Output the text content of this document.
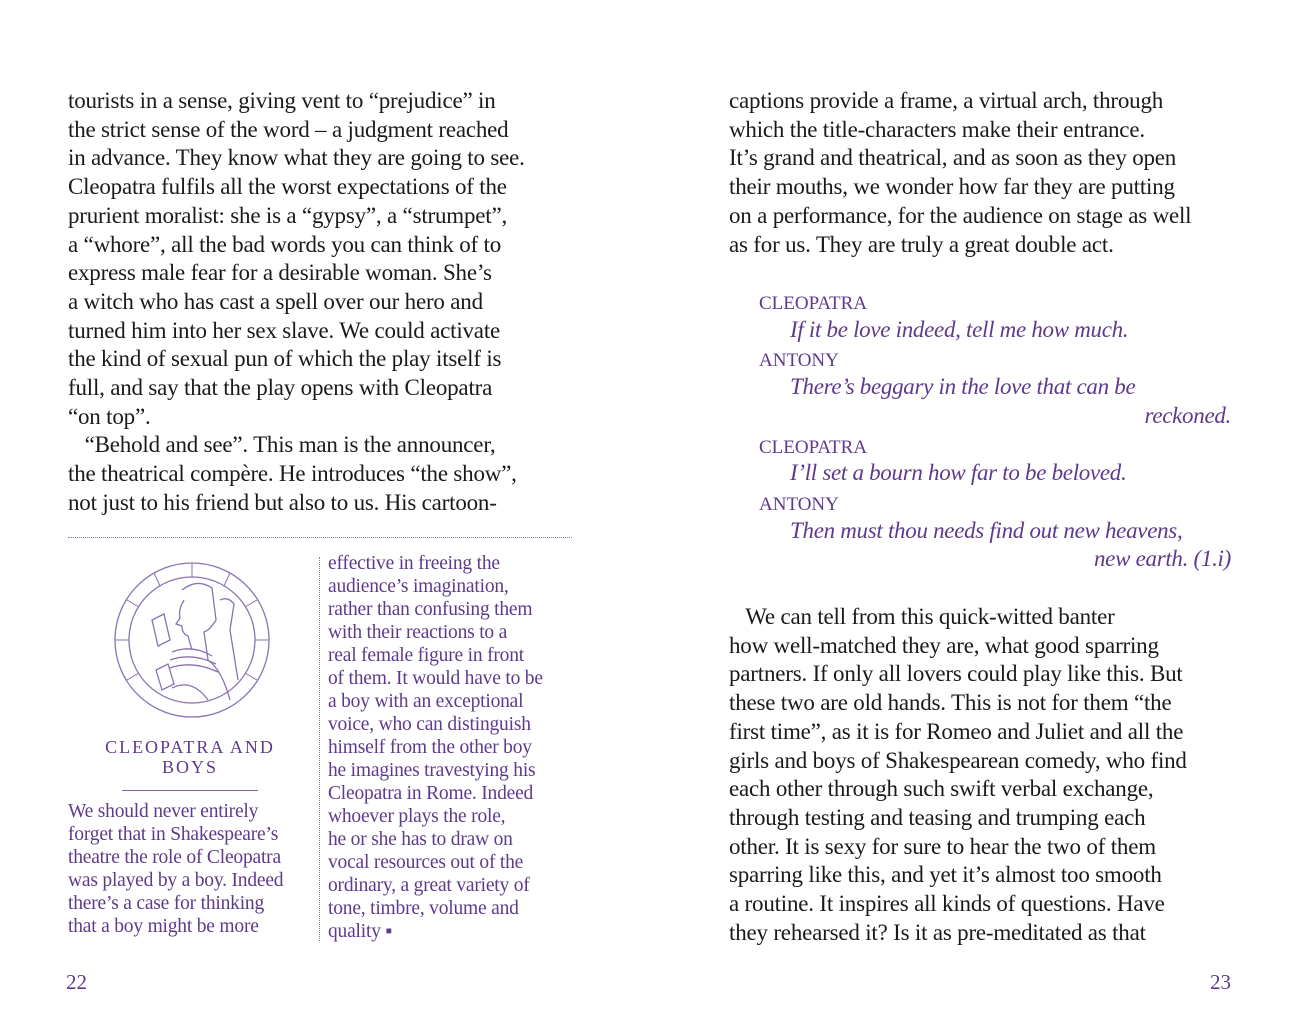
tourists in a sense, giving vent to “prejudice” in
the strict sense of the word – a judgment reached
in advance. They know what they are going to see.
Cleopatra fulfils all the worst expectations of the
prurient moralist: she is a “gypsy”, a “strumpet”,
a “whore”, all the bad words you can think of to
express male fear for a desirable woman. She’s
a witch who has cast a spell over our hero and
turned him into her sex slave. We could activate
the kind of sexual pun of which the play itself is
full, and say that the play opens with Cleopatra
“on top”.
“Behold and see”. This man is the announcer,
the theatrical compère. He introduces “the show”,
not just to his friend but also to us. His cartoon-
We should never entirely
forget that in Shakespeare’s
theatre the role of Cleopatra
was played by a boy. Indeed
there’s a case for thinking
that a boy might be more
effective in freeing the
audience’s imagination,
rather than confusing them
with their reactions to a
real female figure in front
of them. It would have to be
a boy with an exceptional
voice, who can distinguish
himself from the other boy
he imagines travestying his
Cleopatra in Rome. Indeed
whoever plays the role,
he or she has to draw on
vocal resources out of the
ordinary, a great variety of
tone, timbre, volume and
quality ▪
captions provide a frame, a virtual arch, through
which the title-characters make their entrance.
It’s grand and theatrical, and as soon as they open
their mouths, we wonder how far they are putting
on a performance, for the audience on stage as well
as for us. They are truly a great double act.
CLEOPATRA
If it be love indeed, tell me how much.
ANTONY
There’s beggary in the love that can be
reckoned.
CLEOPATRA
I’ll set a bourn how far to be beloved.
ANTONY
Then must thou needs find out new heavens,
new earth. (1.i)
We can tell from this quick-witted banter
how well-matched they are, what good sparring
partners. If only all lovers could play like this. But
these two are old hands. This is not for them “the
first time”, as it is for Romeo and Juliet and all the
girls and boys of Shakespearean comedy, who find
each other through such swift verbal exchange,
through testing and teasing and trumping each
other. It is sexy for sure to hear the two of them
sparring like this, and yet it’s almost too smooth
a routine. It inspires all kinds of questions. Have
they rehearsed it? Is it as pre-meditated as that
CLEOPATRA AND
BOYS
22	23
